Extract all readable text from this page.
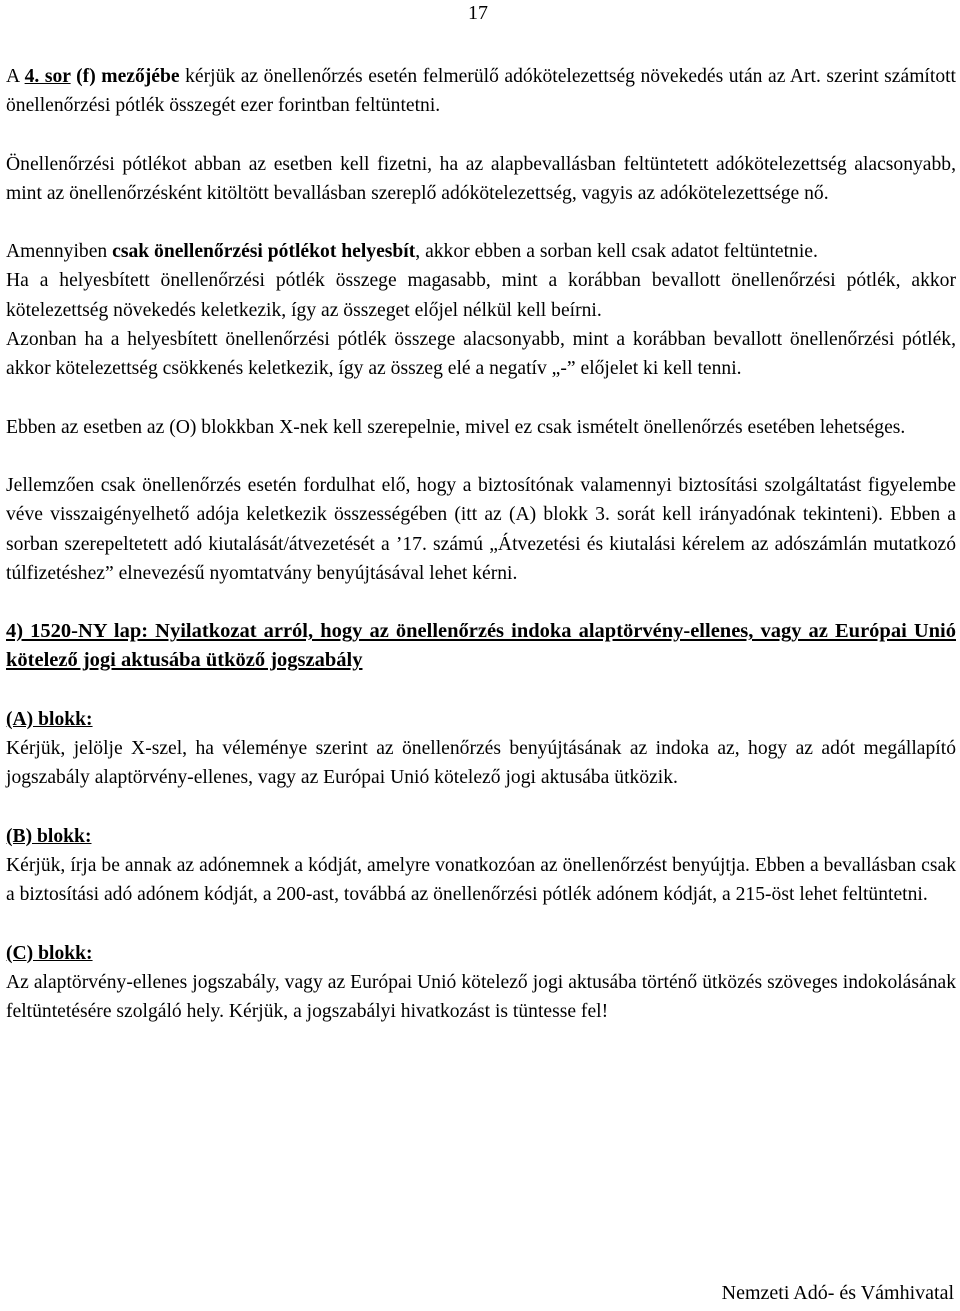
17

A 4. sor (f) mezőjébe kérjük az önellenőrzés esetén felmerülő adókötelezettség növekedés után az Art. szerint számított önellenőrzési pótlék összegét ezer forintban feltüntetni.

Önellenőrzési pótlékot abban az esetben kell fizetni, ha az alapbevallásban feltüntetett adókötelezettség alacsonyabb, mint az önellenőrzésként kitöltött bevallásban szereplő adókötelezettség, vagyis az adókötelezettsége nő.

Amennyiben csak önellenőrzési pótlékot helyesbít, akkor ebben a sorban kell csak adatot feltüntetnie.

Ha a helyesbített önellenőrzési pótlék összege magasabb, mint a korábban bevallott önellenőrzési pótlék, akkor kötelezettség növekedés keletkezik, így az összeget előjel nélkül kell beírni.

Azonban ha a helyesbített önellenőrzési pótlék összege alacsonyabb, mint a korábban bevallott önellenőrzési pótlék, akkor kötelezettség csökkenés keletkezik, így az összeg elé a negatív „-” előjelet ki kell tenni.

Ebben az esetben az (O) blokkban X-nek kell szerepelnie, mivel ez csak ismételt önellenőrzés esetében lehetséges.

Jellemzően csak önellenőrzés esetén fordulhat elő, hogy a biztosítónak valamennyi biztosítási szolgáltatást figyelembe véve visszaigényelhető adója keletkezik összességében (itt az (A) blokk 3. sorát kell irányadónak tekinteni). Ebben a sorban szerepeltetett adó kiutalását/átvezetését a ’17. számú „Átvezetési és kiutalási kérelem az adószámlán mutatkozó túlfizetéshez” elnevezésű nyomtatvány benyújtásával lehet kérni.

4) 1520-NY lap: Nyilatkozat arról, hogy az önellenőrzés indoka alaptörvény-ellenes, vagy az Európai Unió kötelező jogi aktusába ütköző jogszabály

(A) blokk:

Kérjük, jelölje X-szel, ha véleménye szerint az önellenőrzés benyújtásának az indoka az, hogy az adót megállapító jogszabály alaptörvény-ellenes, vagy az Európai Unió kötelező jogi aktusába ütközik.

(B) blokk:

Kérjük, írja be annak az adónemnek a kódját, amelyre vonatkozóan az önellenőrzést benyújtja. Ebben a bevallásban csak a biztosítási adó adónem kódját, a 200-ast, továbbá az önellenőrzési pótlék adónem kódját, a 215-öst lehet feltüntetni.

(C) blokk:

Az alaptörvény-ellenes jogszabály, vagy az Európai Unió kötelező jogi aktusába történő ütközés szöveges indokolásának feltüntetésére szolgáló hely. Kérjük, a jogszabályi hivatkozást is tüntesse fel!

Nemzeti Adó- és Vámhivatal
